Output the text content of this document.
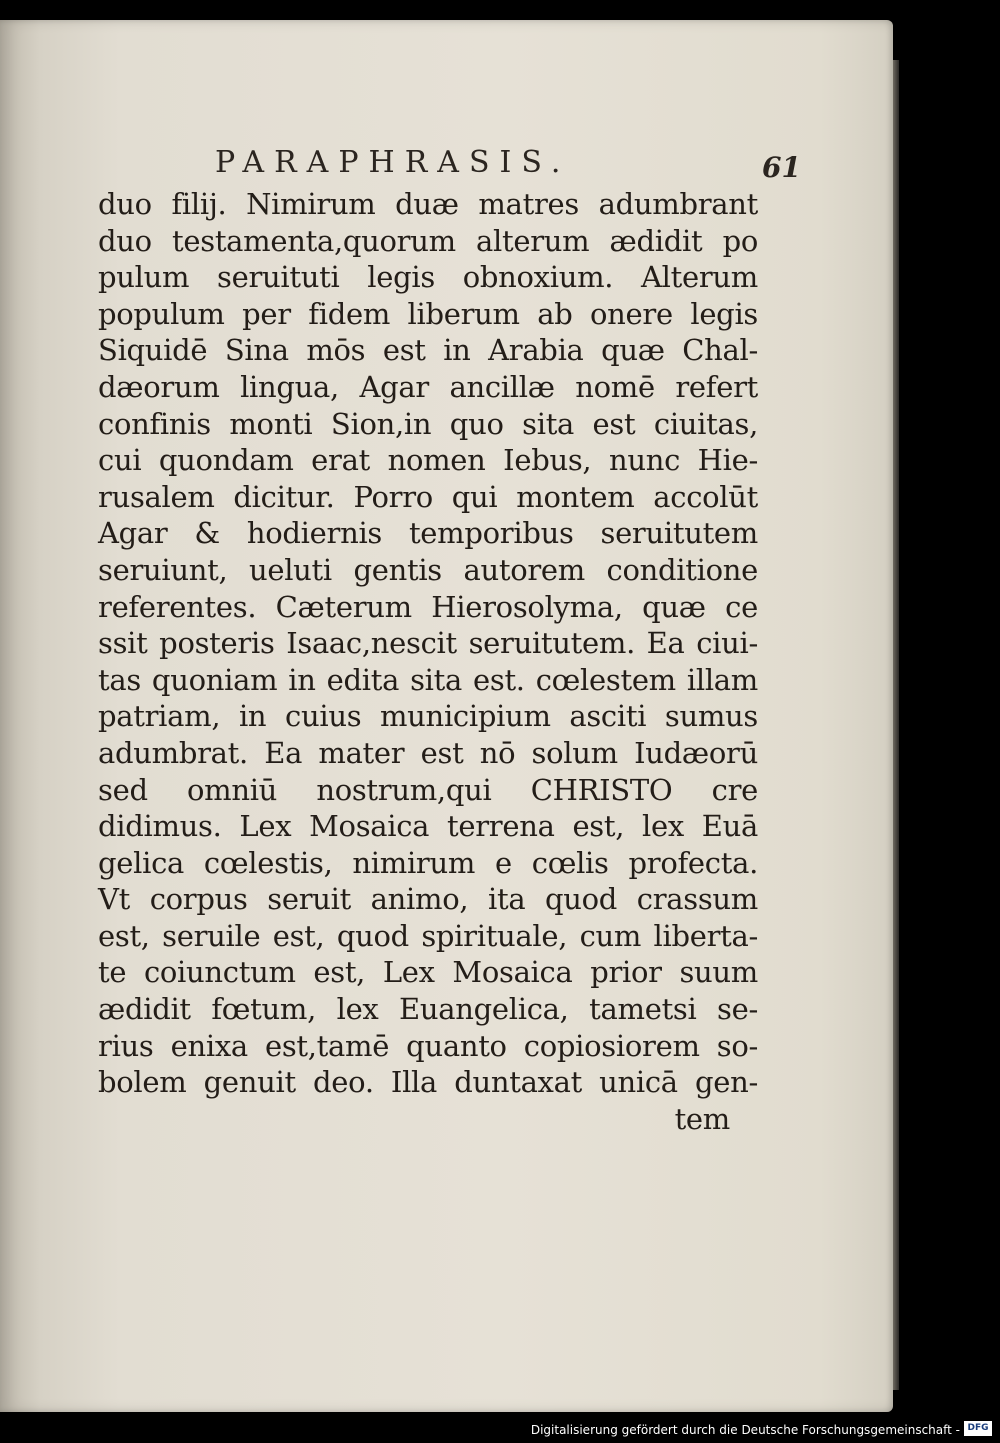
PARAPHRASIS.	61
duo filij. Nimirum duæ matres adumbrant
duo testamenta,quorum alterum ædidit po
pulum seruituti legis obnoxium. Alterum
populum per fidem liberum ab onere legis
Siquidē Sina mōs est in Arabia quæ Chal-
dæorum lingua, Agar ancillæ nomē refert
confinis monti Sion,in quo sita est ciuitas,
cui quondam erat nomen Iebus, nunc Hie-
rusalem dicitur. Porro qui montem accolūt
Agar & hodiernis temporibus seruitutem
seruiunt, ueluti gentis autorem conditione
referentes. Cæterum Hierosolyma, quæ ce
ssit posteris Isaac,nescit seruitutem. Ea ciui-
tas quoniam in edita sita est. cœlestem illam
patriam, in cuius municipium asciti sumus
adumbrat. Ea mater est nō solum Iudæorū
sed omniū nostrum,qui CHRISTO cre
didimus. Lex Mosaica terrena est, lex Euā
gelica cœlestis, nimirum e cœlis profecta.
Vt corpus seruit animo, ita quod crassum
est, seruile est, quod spirituale, cum liberta-
te coiunctum est, Lex Mosaica prior suum
ædidit fœtum, lex Euangelica, tametsi se-
rius enixa est,tamē quanto copiosiorem so-
bolem genuit deo. Illa duntaxat unicā gen-
tem
Digitalisierung gefördert durch die Deutsche Forschungsgemeinschaft - DFG
